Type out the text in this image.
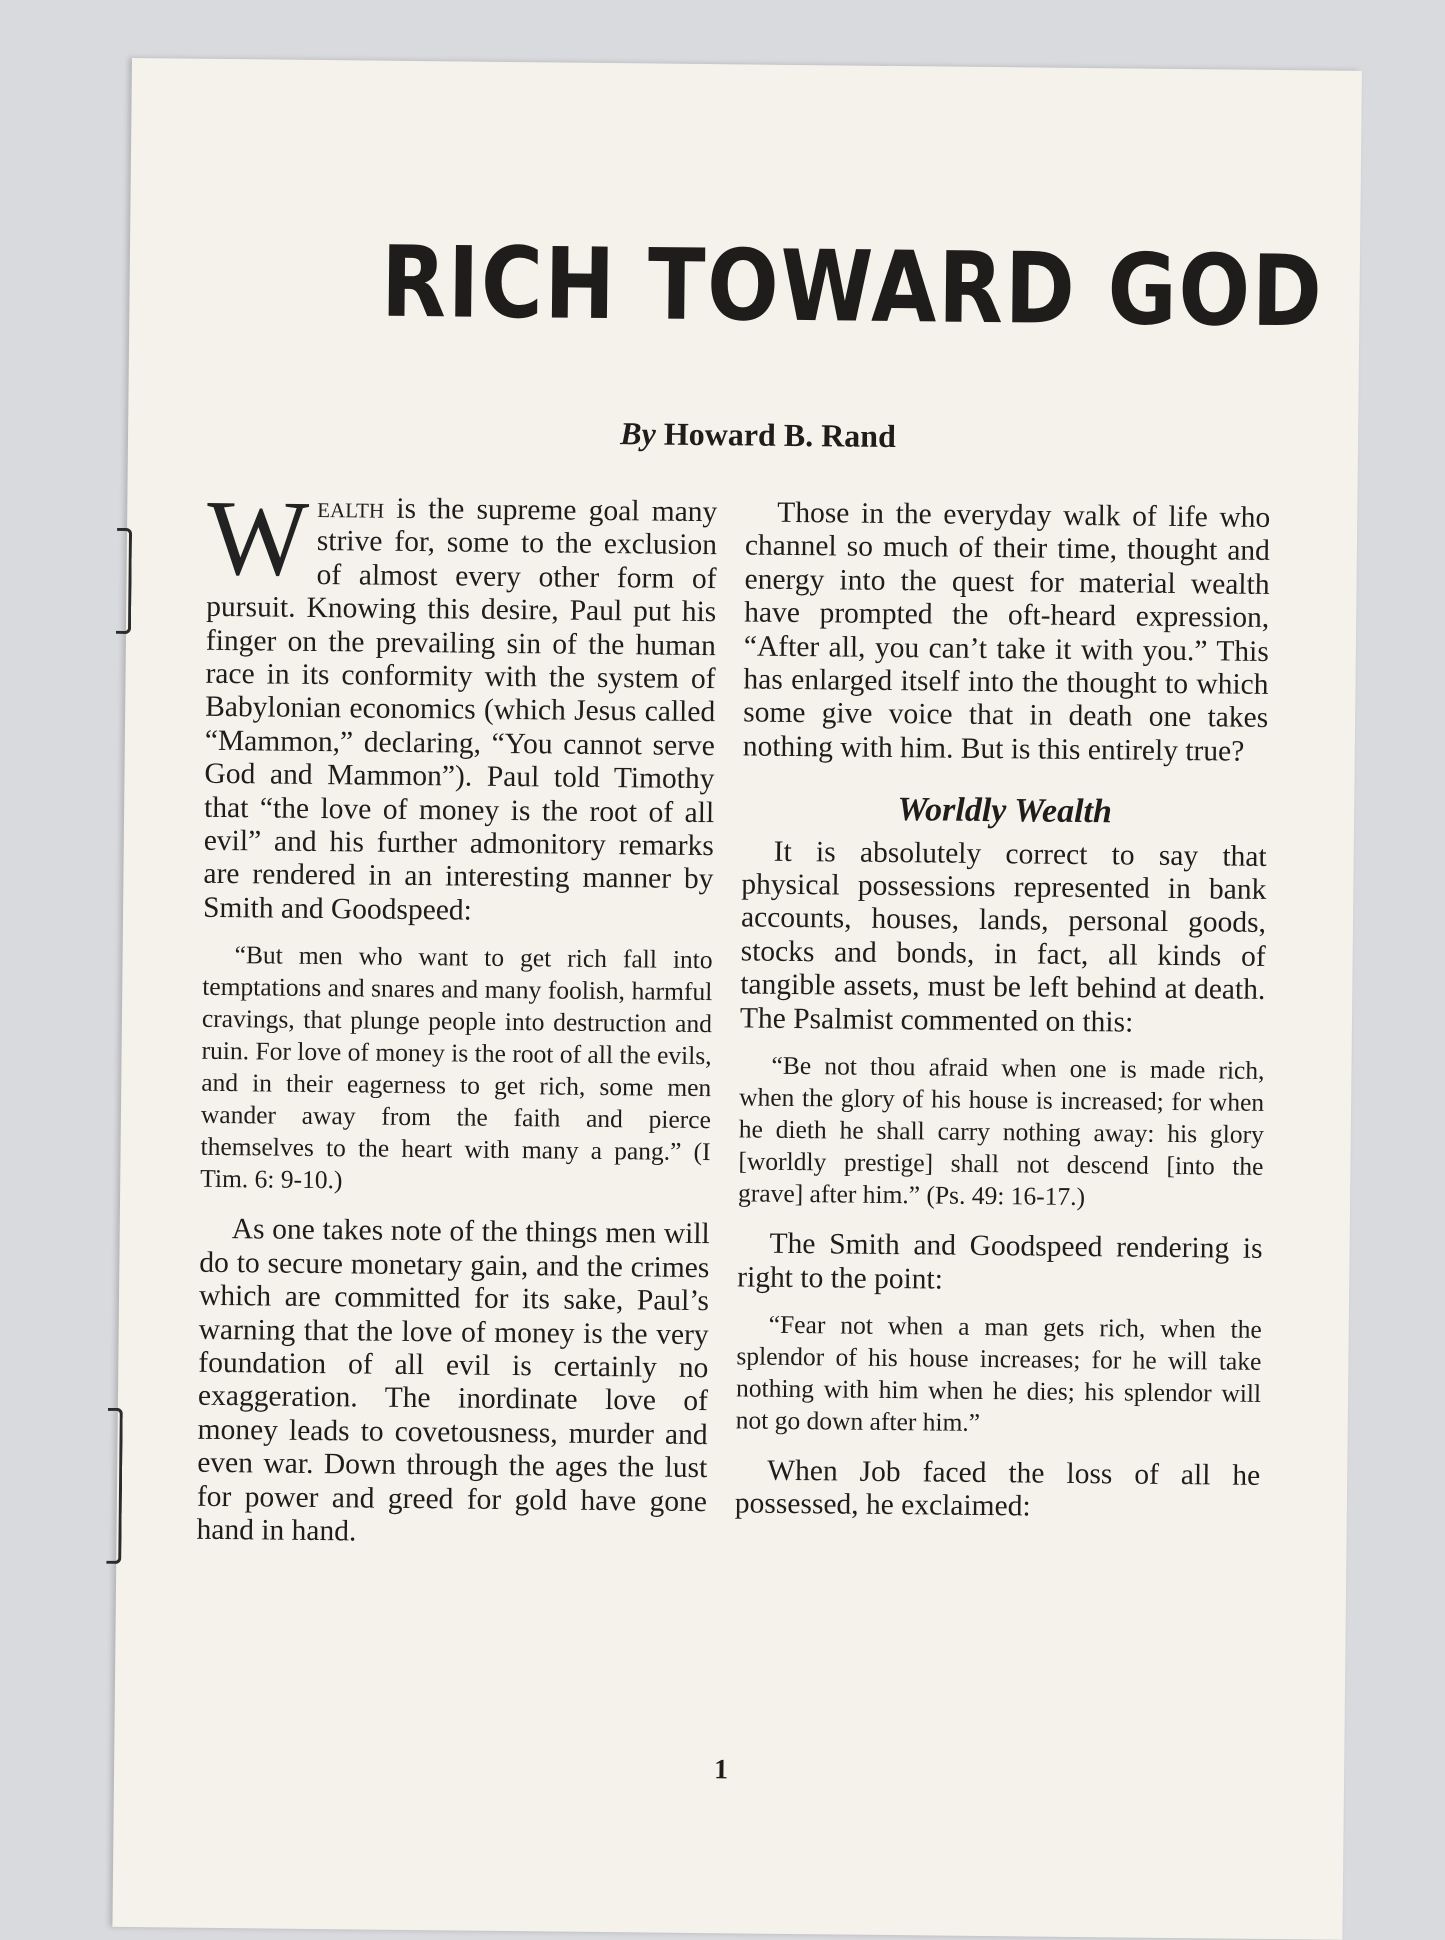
RICH TOWARD GOD
By Howard B. Rand

Wealth is the supreme goal many strive for, some to the exclusion of almost every other form of pursuit. Knowing this desire, Paul put his finger on the prevailing sin of the human race in its conformity with the system of Babylonian economics (which Jesus called “Mammon,” declaring, “You cannot serve God and Mammon”). Paul told Timothy that “the love of money is the root of all evil” and his further admonitory remarks are rendered in an interesting manner by Smith and Goodspeed:

“But men who want to get rich fall into temptations and snares and many foolish, harmful cravings, that plunge people into destruction and ruin. For love of money is the root of all the evils, and in their eagerness to get rich, some men wander away from the faith and pierce themselves to the heart with many a pang.” (I Tim. 6: 9-10.)

As one takes note of the things men will do to secure monetary gain, and the crimes which are committed for its sake, Paul’s warning that the love of money is the very foundation of all evil is certainly no exaggeration. The inordinate love of money leads to covetousness, murder and even war. Down through the ages the lust for power and greed for gold have gone hand in hand.

Those in the everyday walk of life who channel so much of their time, thought and energy into the quest for material wealth have prompted the oft-heard expression, “After all, you can’t take it with you.” This has enlarged itself into the thought to which some give voice that in death one takes nothing with him. But is this entirely true?

Worldly Wealth

It is absolutely correct to say that physical possessions represented in bank accounts, houses, lands, personal goods, stocks and bonds, in fact, all kinds of tangible assets, must be left behind at death. The Psalmist commented on this:

“Be not thou afraid when one is made rich, when the glory of his house is increased; for when he dieth he shall carry nothing away: his glory [worldly prestige] shall not descend [into the grave] after him.” (Ps. 49: 16-17.)

The Smith and Goodspeed rendering is right to the point:

“Fear not when a man gets rich, when the splendor of his house increases; for he will take nothing with him when he dies; his splendor will not go down after him.”

When Job faced the loss of all he possessed, he exclaimed:

1
